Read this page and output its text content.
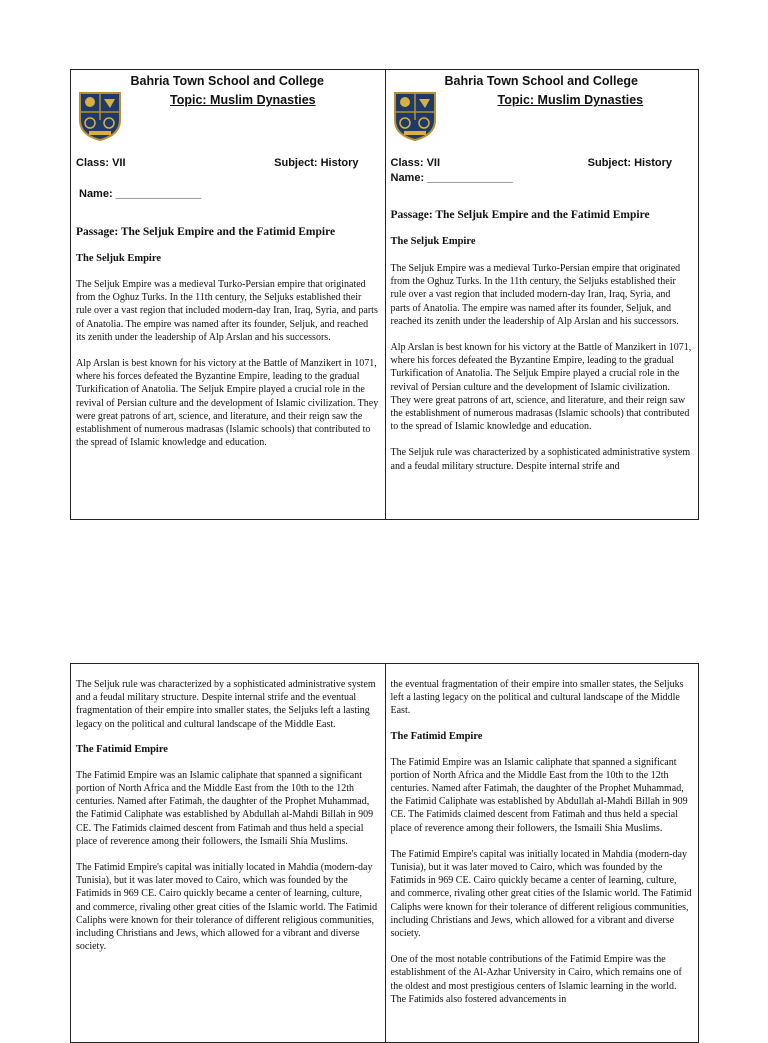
Bahria Town School and College
Topic: Muslim Dynasties
Class: VII	Subject: History
Name: ______________
Passage: The Seljuk Empire and the Fatimid Empire
The Seljuk Empire

The Seljuk Empire was a medieval Turko-Persian empire that originated from the Oghuz Turks. In the 11th century, the Seljuks established their rule over a vast region that included modern-day Iran, Iraq, Syria, and parts of Anatolia. The empire was named after its founder, Seljuk, and reached its zenith under the leadership of Alp Arslan and his successors.

Alp Arslan is best known for his victory at the Battle of Manzikert in 1071, where his forces defeated the Byzantine Empire, leading to the gradual Turkification of Anatolia. The Seljuk Empire played a crucial role in the revival of Persian culture and the development of Islamic civilization. They were great patrons of art, science, and literature, and their reign saw the establishment of numerous madrasas (Islamic schools) that contributed to the spread of Islamic knowledge and education.

Bahria Town School and College
Topic: Muslim Dynasties
Class: VII	Subject: History
Name: ______________
Passage: The Seljuk Empire and the Fatimid Empire
The Seljuk Empire

The Seljuk Empire was a medieval Turko-Persian empire that originated from the Oghuz Turks. In the 11th century, the Seljuks established their rule over a vast region that included modern-day Iran, Iraq, Syria, and parts of Anatolia. The empire was named after its founder, Seljuk, and reached its zenith under the leadership of Alp Arslan and his successors.

Alp Arslan is best known for his victory at the Battle of Manzikert in 1071, where his forces defeated the Byzantine Empire, leading to the gradual Turkification of Anatolia. The Seljuk Empire played a crucial role in the revival of Persian culture and the development of Islamic civilization. They were great patrons of art, science, and literature, and their reign saw the establishment of numerous madrasas (Islamic schools) that contributed to the spread of Islamic knowledge and education.

The Seljuk rule was characterized by a sophisticated administrative system and a feudal military structure. Despite internal strife and

The Seljuk rule was characterized by a sophisticated administrative system and a feudal military structure. Despite internal strife and the eventual fragmentation of their empire into smaller states, the Seljuks left a lasting legacy on the political and cultural landscape of the Middle East.

The Fatimid Empire

The Fatimid Empire was an Islamic caliphate that spanned a significant portion of North Africa and the Middle East from the 10th to the 12th centuries. Named after Fatimah, the daughter of the Prophet Muhammad, the Fatimid Caliphate was established by Abdullah al-Mahdi Billah in 909 CE. The Fatimids claimed descent from Fatimah and thus held a special place of reverence among their followers, the Ismaili Shia Muslims.

The Fatimid Empire's capital was initially located in Mahdia (modern-day Tunisia), but it was later moved to Cairo, which was founded by the Fatimids in 969 CE. Cairo quickly became a center of learning, culture, and commerce, rivaling other great cities of the Islamic world. The Fatimid Caliphs were known for their tolerance of different religious communities, including Christians and Jews, which allowed for a vibrant and diverse society.

the eventual fragmentation of their empire into smaller states, the Seljuks left a lasting legacy on the political and cultural landscape of the Middle East.

The Fatimid Empire

The Fatimid Empire was an Islamic caliphate that spanned a significant portion of North Africa and the Middle East from the 10th to the 12th centuries. Named after Fatimah, the daughter of the Prophet Muhammad, the Fatimid Caliphate was established by Abdullah al-Mahdi Billah in 909 CE. The Fatimids claimed descent from Fatimah and thus held a special place of reverence among their followers, the Ismaili Shia Muslims.

The Fatimid Empire's capital was initially located in Mahdia (modern-day Tunisia), but it was later moved to Cairo, which was founded by the Fatimids in 969 CE. Cairo quickly became a center of learning, culture, and commerce, rivaling other great cities of the Islamic world. The Fatimid Caliphs were known for their tolerance of different religious communities, including Christians and Jews, which allowed for a vibrant and diverse society.

One of the most notable contributions of the Fatimid Empire was the establishment of the Al-Azhar University in Cairo, which remains one of the oldest and most prestigious centers of Islamic learning in the world. The Fatimids also fostered advancements in
